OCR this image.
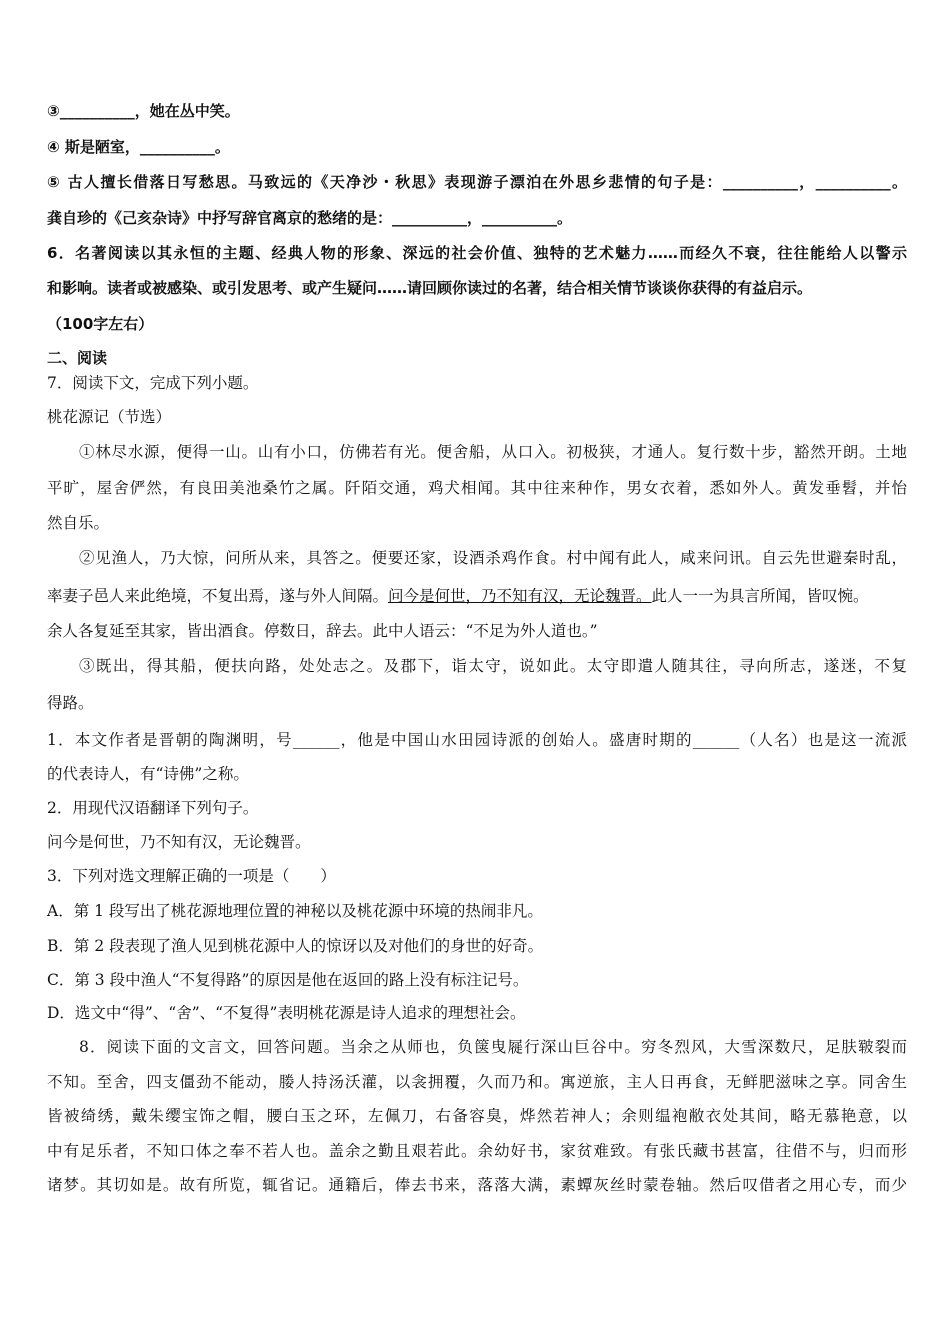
③__________，她在丛中笑。
④ 斯是陋室，__________。
⑤ 古人擅长借落日写愁思。马致远的《天净沙・秋思》表现游子漂泊在外思乡悲情的句子是：__________，__________。
龚自珍的《己亥杂诗》中抒写辞官离京的愁绪的是：__________，__________。
6．名著阅读以其永恒的主题、经典人物的形象、深远的社会价值、独特的艺术魅力……而经久不衰，往往能给人以警示
和影响。读者或被感染、或引发思考、或产生疑问……请回顾你读过的名著，结合相关情节谈谈你获得的有益启示。
（100字左右）
二、阅读
7．阅读下文，完成下列小题。
桃花源记（节选）
①林尽水源，便得一山。山有小口，仿佛若有光。便舍船，从口入。初极狭，才通人。复行数十步，豁然开朗。土地
平旷，屋舍俨然，有良田美池桑竹之属。阡陌交通，鸡犬相闻。其中往来种作，男女衣着，悉如外人。黄发垂髫，并怡
然自乐。
②见渔人，乃大惊，问所从来，具答之。便要还家，设酒杀鸡作食。村中闻有此人，咸来问讯。自云先世避秦时乱，
率妻子邑人来此绝境，不复出焉，遂与外人间隔。问今是何世，乃不知有汉，无论魏晋。此人一一为具言所闻，皆叹惋。
余人各复延至其家，皆出酒食。停数日，辞去。此中人语云：“不足为外人道也。”
③既出，得其船，便扶向路，处处志之。及郡下，诣太守，说如此。太守即遣人随其往，寻向所志，遂迷，不复
得路。
1．本文作者是晋朝的陶渊明，号______，他是中国山水田园诗派的创始人。盛唐时期的______（人名）也是这一流派
的代表诗人，有“诗佛”之称。
2．用现代汉语翻译下列句子。
问今是何世，乃不知有汉，无论魏晋。
3．下列对选文理解正确的一项是（　　）
A．第 1 段写出了桃花源地理位置的神秘以及桃花源中环境的热闹非凡。
B．第 2 段表现了渔人见到桃花源中人的惊讶以及对他们的身世的好奇。
C．第 3 段中渔人“不复得路”的原因是他在返回的路上没有标注记号。
D．选文中“得”、“舍”、“不复得”表明桃花源是诗人追求的理想社会。
8．阅读下面的文言文，回答问题。当余之从师也，负箧曳屣行深山巨谷中。穷冬烈风，大雪深数尺，足肤皲裂而
不知。至舍，四支僵劲不能动，媵人持汤沃灌，以衾拥覆，久而乃和。寓逆旅，主人日再食，无鲜肥滋味之享。同舍生
皆被绮绣，戴朱缨宝饰之帽，腰白玉之环，左佩刀，右备容臭，烨然若神人；余则缊袍敝衣处其间，略无慕艳意，以
中有足乐者，不知口体之奉不若人也。盖余之勤且艰若此。余幼好书，家贫难致。有张氏藏书甚富，往借不与，归而形
诸梦。其切如是。故有所览，辄省记。通籍后，俸去书来，落落大满，素蟫灰丝时蒙卷轴。然后叹借者之用心专，而少
